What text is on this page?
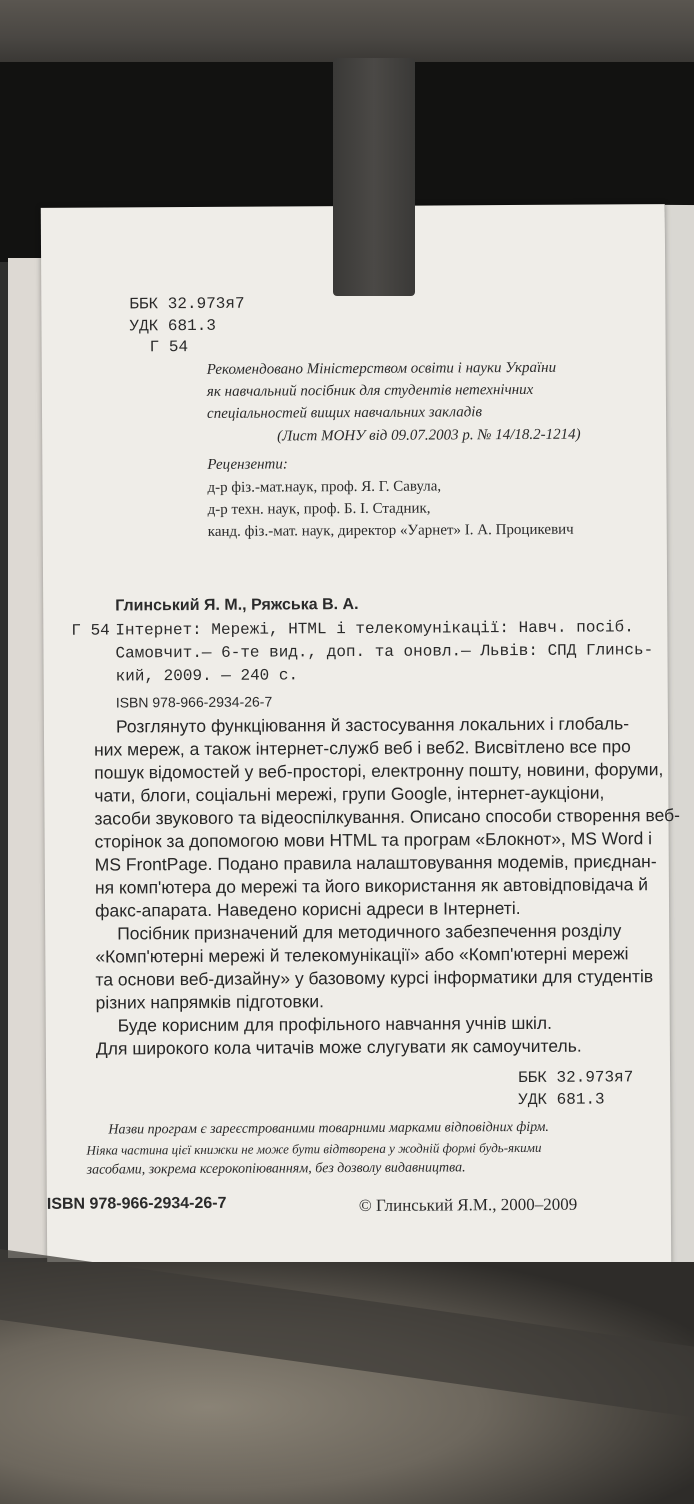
ББК 32.973я7
УДК 681.3
Г 54
Рекомендовано Міністерством освіти і науки України
як навчальний посібник для студентів нетехнічних
спеціальностей вищих навчальних закладів
(Лист МОНУ від 09.07.2003 р. № 14/18.2-1214)
Рецензенти:
д-р фіз.-мат.наук, проф. Я. Г. Савула,
д-р техн. наук, проф. Б. І. Стадник,
канд. фіз.-мат. наук, директор «Уарнет» І. А. Процикевич
Глинський Я. М., Ряжська В. А.
Г 54 Інтернет: Мережі, HTML і телекомунікації: Навч. посіб.
Самовчит.— 6-те вид., доп. та оновл.— Львів: СПД Глинсь-
кий, 2009. — 240 с.
ISBN 978-966-2934-26-7
Розглянуто функціювання й застосування локальних і глобаль-
них мереж, а також інтернет-служб веб і веб2. Висвітлено все про
пошук відомостей у веб-просторі, електронну пошту, новини, форуми,
чати, блоги, соціальні мережі, групи Google, інтернет-аукціони,
засоби звукового та відеоспілкування. Описано способи створення веб-
сторінок за допомогою мови HTML та програм «Блокнот», MS Word і
MS FrontPage. Подано правила налаштовування модемів, приєднан-
ня комп'ютера до мережі та його використання як автовідповідача й
факс-апарата. Наведено корисні адреси в Інтернеті.
Посібник призначений для методичного забезпечення розділу
«Комп'ютерні мережі й телекомунікації» або «Комп'ютерні мережі
та основи веб-дизайну» у базовому курсі інформатики для студентів
різних напрямків підготовки.
Буде корисним для профільного навчання учнів шкіл.
Для широкого кола читачів може слугувати як самоучитель.
ББК 32.973я7
УДК 681.3
Назви програм є зареєстрованими товарними марками відповідних фірм.
Ніяка частина цієї книжки не може бути відтворена у жодній формі будь-якими
засобами, зокрема ксерокопіюванням, без дозволу видавництва.
ISBN 978-966-2934-26-7	© Глинський Я.М., 2000–2009
